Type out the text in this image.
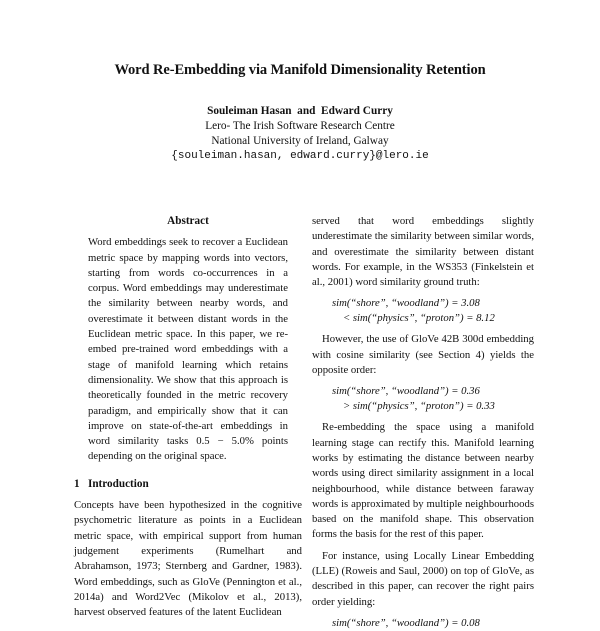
Word Re-Embedding via Manifold Dimensionality Retention
Souleiman Hasan  and  Edward Curry
Lero- The Irish Software Research Centre
National University of Ireland, Galway
{souleiman.hasan, edward.curry}@lero.ie
Abstract

Word embeddings seek to recover a Euclidean metric space by mapping words into vectors, starting from words co-occurrences in a corpus. Word embeddings may underestimate the similarity between nearby words, and overestimate it between distant words in the Euclidean metric space. In this paper, we re-embed pre-trained word embeddings with a stage of manifold learning which retains dimensionality. We show that this approach is theoretically founded in the metric recovery paradigm, and empirically show that it can improve on state-of-the-art embeddings in word similarity tasks 0.5 − 5.0% points depending on the original space.

1   Introduction

Concepts have been hypothesized in the cognitive psychometric literature as points in a Euclidean metric space, with empirical support from human judgement experiments (Rumelhart and Abrahamson, 1973; Sternberg and Gardner, 1983). Word embeddings, such as GloVe (Pennington et al., 2014a) and Word2Vec (Mikolov et al., 2013), harvest observed features of the latent Euclidean

served that word embeddings slightly underestimate the similarity between similar words, and overestimate the similarity between distant words. For example, in the WS353 (Finkelstein et al., 2001) word similarity ground truth:

sim(“shore”, “woodland”) = 3.08
< sim(“physics”, “proton”) = 8.12

However, the use of GloVe 42B 300d embedding with cosine similarity (see Section 4) yields the opposite order:

sim(“shore”, “woodland”) = 0.36
> sim(“physics”, “proton”) = 0.33

Re-embedding the space using a manifold learning stage can rectify this. Manifold learning works by estimating the distance between nearby words using direct similarity assignment in a local neighbourhood, while distance between faraway words is approximated by multiple neighbourhoods based on the manifold shape. This observation forms the basis for the rest of this paper.

For instance, using Locally Linear Embedding (LLE) (Roweis and Saul, 2000) on top of GloVe, as described in this paper, can recover the right pairs order yielding:

sim(“shore”, “woodland”) = 0.08
